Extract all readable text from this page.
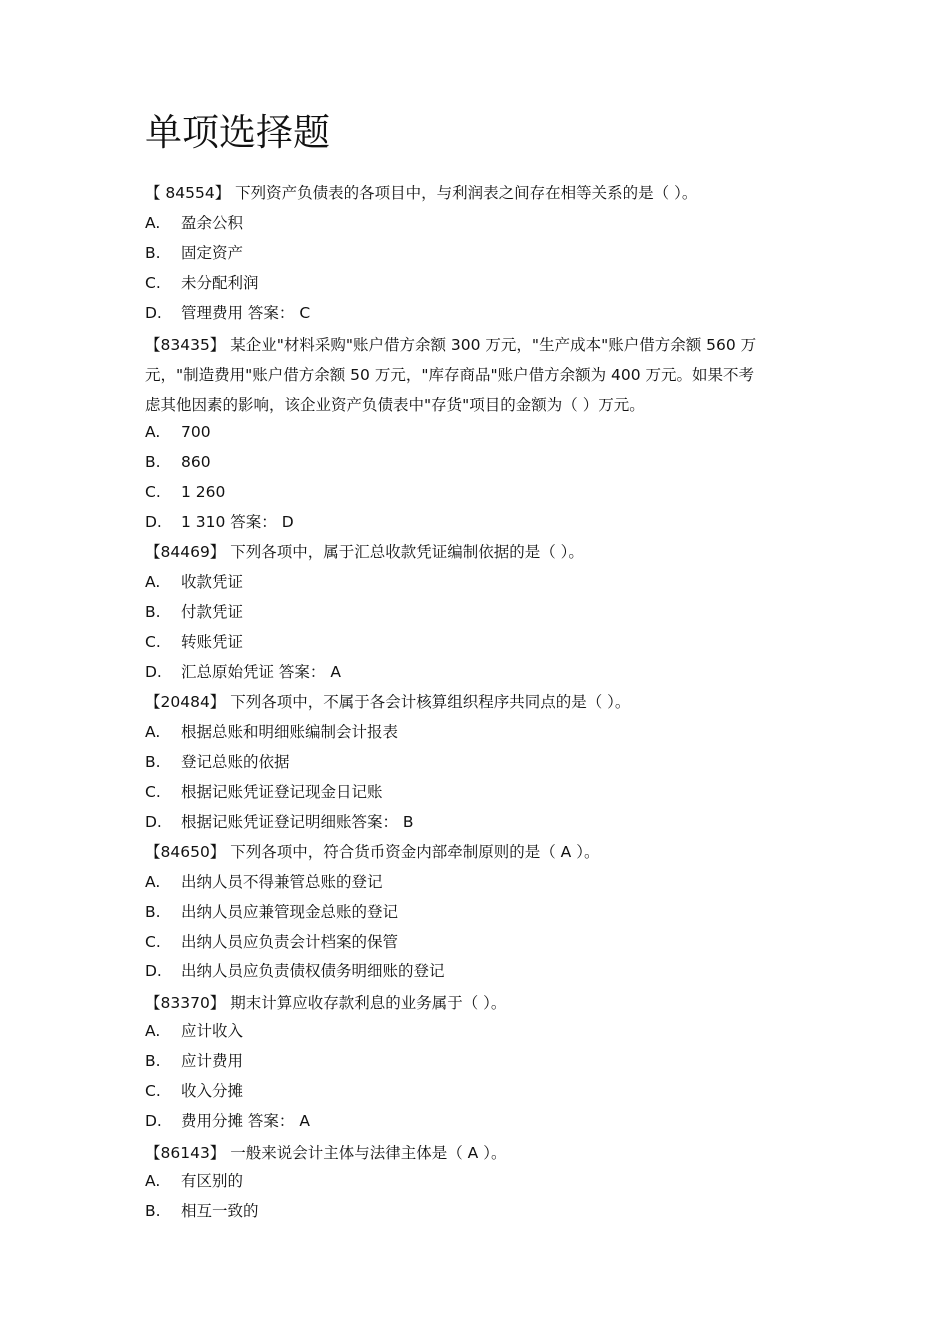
单项选择题
【 84554】 下列资产负债表的各项目中，与利润表之间存在相等关系的是（ ）。
A. 盈余公积
B. 固定资产
C. 未分配利润
D. 管理费用 答案： C
【83435】 某企业"材料采购"账户借方余额 300 万元，"生产成本"账户借方余额 560 万
元，"制造费用"账户借方余额 50 万元，"库存商品"账户借方余额为 400 万元。如果不考
虑其他因素的影响，该企业资产负债表中"存货"项目的金额为（ ）万元。
A. 700
B. 860
C. 1 260
D. 1 310 答案： D
【84469】 下列各项中，属于汇总收款凭证编制依据的是（ ）。
A. 收款凭证
B. 付款凭证
C. 转账凭证
D. 汇总原始凭证 答案： A
【20484】 下列各项中，不属于各会计核算组织程序共同点的是（ ）。
A. 根据总账和明细账编制会计报表
B. 登记总账的依据
C. 根据记账凭证登记现金日记账
D. 根据记账凭证登记明细账答案： B
【84650】 下列各项中，符合货币资金内部牵制原则的是（ A ）。
A. 出纳人员不得兼管总账的登记
B. 出纳人员应兼管现金总账的登记
C. 出纳人员应负责会计档案的保管
D. 出纳人员应负责债权债务明细账的登记
【83370】 期末计算应收存款利息的业务属于（ ）。
A. 应计收入
B. 应计费用
C. 收入分摊
D. 费用分摊 答案： A
【86143】 一般来说会计主体与法律主体是（ A ）。
A. 有区别的
B. 相互一致的
